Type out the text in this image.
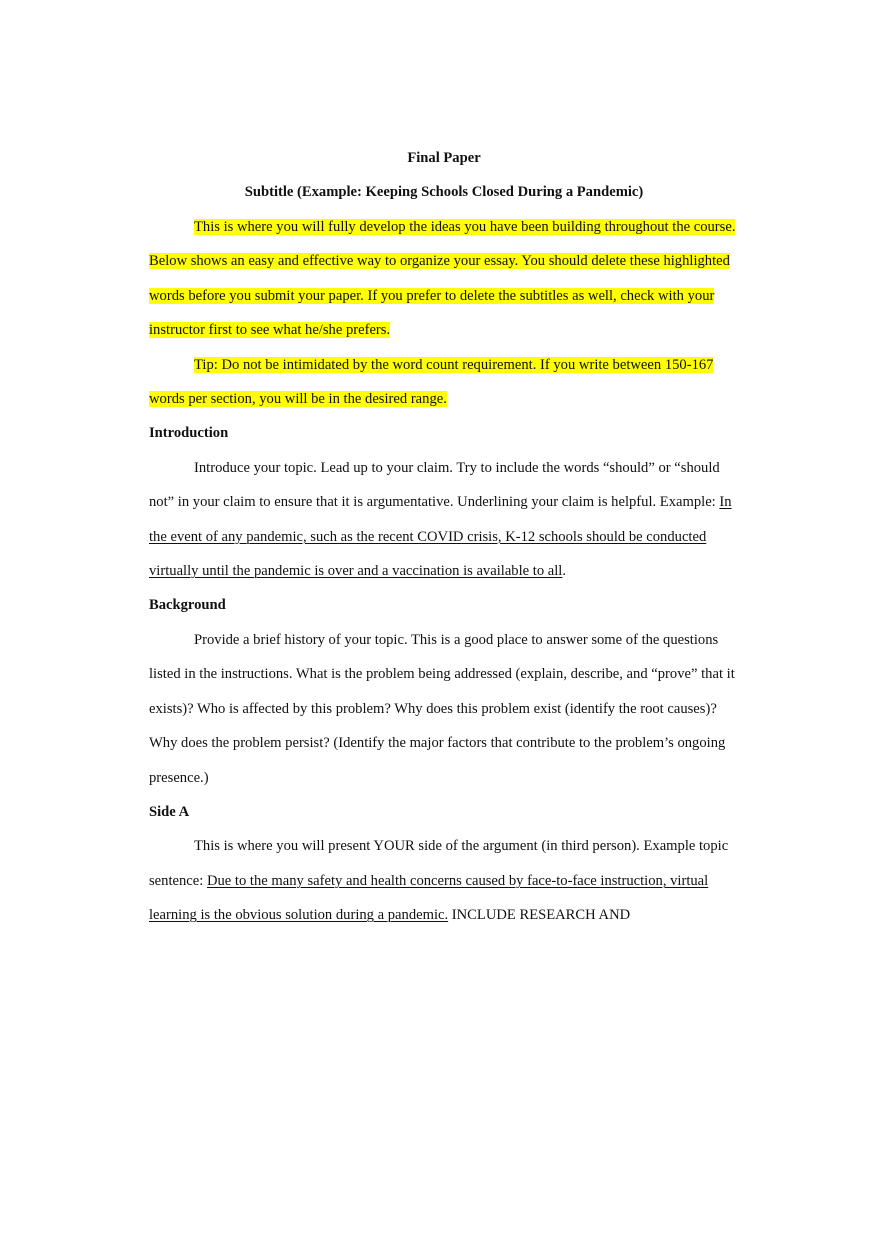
Final Paper

Subtitle (Example: Keeping Schools Closed During a Pandemic)

This is where you will fully develop the ideas you have been building throughout the course. Below shows an easy and effective way to organize your essay. You should delete these highlighted words before you submit your paper. If you prefer to delete the subtitles as well, check with your instructor first to see what he/she prefers.

Tip: Do not be intimidated by the word count requirement. If you write between 150-167 words per section, you will be in the desired range.

Introduction

Introduce your topic. Lead up to your claim. Try to include the words “should” or “should not” in your claim to ensure that it is argumentative. Underlining your claim is helpful. Example: In the event of any pandemic, such as the recent COVID crisis, K-12 schools should be conducted virtually until the pandemic is over and a vaccination is available to all.

Background

Provide a brief history of your topic. This is a good place to answer some of the questions listed in the instructions. What is the problem being addressed (explain, describe, and “prove” that it exists)? Who is affected by this problem? Why does this problem exist (identify the root causes)? Why does the problem persist? (Identify the major factors that contribute to the problem’s ongoing presence.)

Side A

This is where you will present YOUR side of the argument (in third person). Example topic sentence: Due to the many safety and health concerns caused by face-to-face instruction, virtual learning is the obvious solution during a pandemic. INCLUDE RESEARCH AND
